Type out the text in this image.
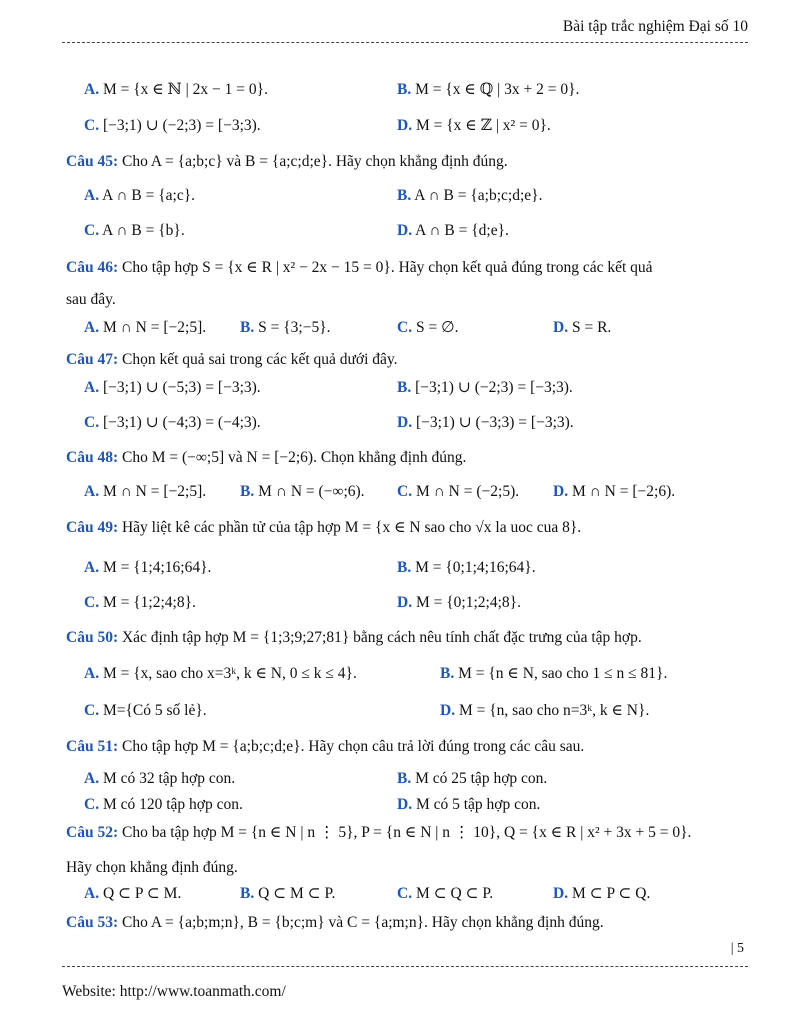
Bài tập trắc nghiệm Đại số 10
A. M = {x ∈ ℕ | 2x − 1 = 0}.	B. M = {x ∈ ℚ | 3x + 2 = 0}.
C. [−3;1) ∪ (−2;3) = [−3;3).	D. M = {x ∈ ℤ | x² = 0}.
Câu 45: Cho A = {a;b;c} và B = {a;c;d;e}. Hãy chọn khẳng định đúng.
A. A ∩ B = {a;c}.	B. A ∩ B = {a;b;c;d;e}.
C. A ∩ B = {b}.	D. A ∩ B = {d;e}.
Câu 46: Cho tập hợp S = {x ∈ R | x² − 2x − 15 = 0}. Hãy chọn kết quả đúng trong các kết quả
sau đây.
A. M ∩ N = [−2;5]. B. S = {3;−5}.	C. S = ∅.	D. S = R.
Câu 47: Chọn kết quả sai trong các kết quả dưới đây.
A. [−3;1) ∪ (−5;3) = [−3;3).	B. [−3;1) ∪ (−2;3) = [−3;3).
C. [−3;1) ∪ (−4;3) = (−4;3).	D. [−3;1) ∪ (−3;3) = [−3;3).
Câu 48: Cho M = (−∞;5] và N = [−2;6). Chọn khẳng định đúng.
A. M ∩ N = [−2;5]. B. M ∩ N = (−∞;6). C. M ∩ N = (−2;5). D. M ∩ N = [−2;6).
Câu 49: Hãy liệt kê các phần tử của tập hợp M = {x ∈ N sao cho √x la uoc cua 8}.
A. M = {1;4;16;64}.	B. M = {0;1;4;16;64}.
C. M = {1;2;4;8}.	D. M = {0;1;2;4;8}.
Câu 50: Xác định tập hợp M = {1;3;9;27;81} bằng cách nêu tính chất đặc trưng của tập hợp.
A. M = {x, sao cho x=3ᵏ, k ∈ N, 0 ≤ k ≤ 4}.	B. M = {n ∈ N, sao cho 1 ≤ n ≤ 81}.
C. M={Có 5 số lẻ}.	D. M = {n, sao cho n=3ᵏ, k ∈ N}.
Câu 51: Cho tập hợp M = {a;b;c;d;e}. Hãy chọn câu trả lời đúng trong các câu sau.
A. M có 32 tập hợp con.	B. M có 25 tập hợp con.
C. M có 120 tập hợp con.	D. M có 5 tập hợp con.
Câu 52: Cho ba tập hợp M = {n ∈ N | n ⋮ 5}, P = {n ∈ N | n ⋮ 10}, Q = {x ∈ R | x² + 3x + 5 = 0}.
Hãy chọn khẳng định đúng.
A. Q ⊂ P ⊂ M.	B. Q ⊂ M ⊂ P.	C. M ⊂ Q ⊂ P.	D. M ⊂ P ⊂ Q.
Câu 53: Cho A = {a;b;m;n}, B = {b;c;m} và C = {a;m;n}. Hãy chọn khẳng định đúng.
| 5
Website: http://www.toanmath.com/
